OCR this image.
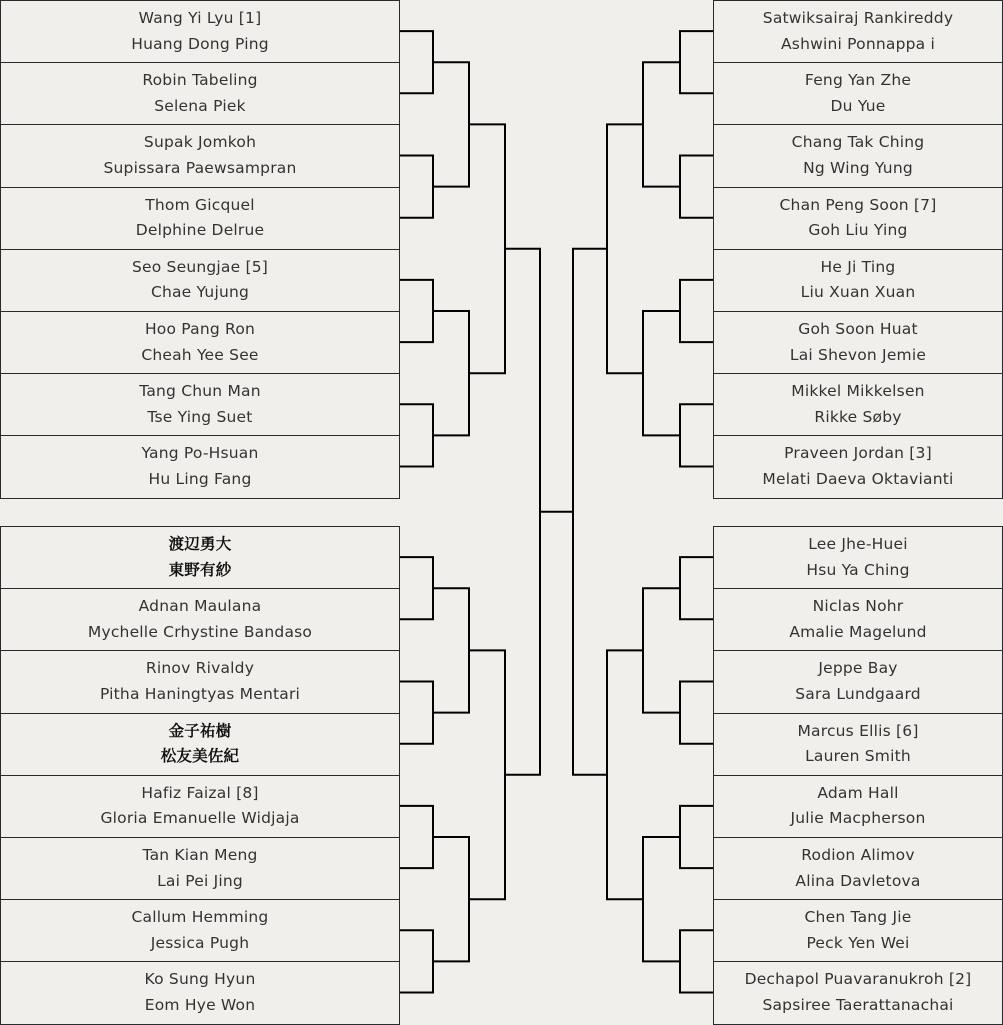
Wang Yi Lyu [1]
Huang Dong Ping
Robin Tabeling
Selena Piek
Supak Jomkoh
Supissara Paewsampran
Thom Gicquel
Delphine Delrue
Seo Seungjae [5]
Chae Yujung
Hoo Pang Ron
Cheah Yee See
Tang Chun Man
Tse Ying Suet
Yang Po-Hsuan
Hu Ling Fang
渡辺勇大
東野有紗
Adnan Maulana
Mychelle Crhystine Bandaso
Rinov Rivaldy
Pitha Haningtyas Mentari
金子祐樹
松友美佐紀
Hafiz Faizal [8]
Gloria Emanuelle Widjaja
Tan Kian Meng
Lai Pei Jing
Callum Hemming
Jessica Pugh
Ko Sung Hyun
Eom Hye Won
Satwiksairaj Rankireddy
Ashwini Ponnappa i
Feng Yan Zhe
Du Yue
Chang Tak Ching
Ng Wing Yung
Chan Peng Soon [7]
Goh Liu Ying
He Ji Ting
Liu Xuan Xuan
Goh Soon Huat
Lai Shevon Jemie
Mikkel Mikkelsen
Rikke Søby
Praveen Jordan [3]
Melati Daeva Oktavianti
Lee Jhe-Huei
Hsu Ya Ching
Niclas Nohr
Amalie Magelund
Jeppe Bay
Sara Lundgaard
Marcus Ellis [6]
Lauren Smith
Adam Hall
Julie Macpherson
Rodion Alimov
Alina Davletova
Chen Tang Jie
Peck Yen Wei
Dechapol Puavaranukroh [2]
Sapsiree Taerattanachai
